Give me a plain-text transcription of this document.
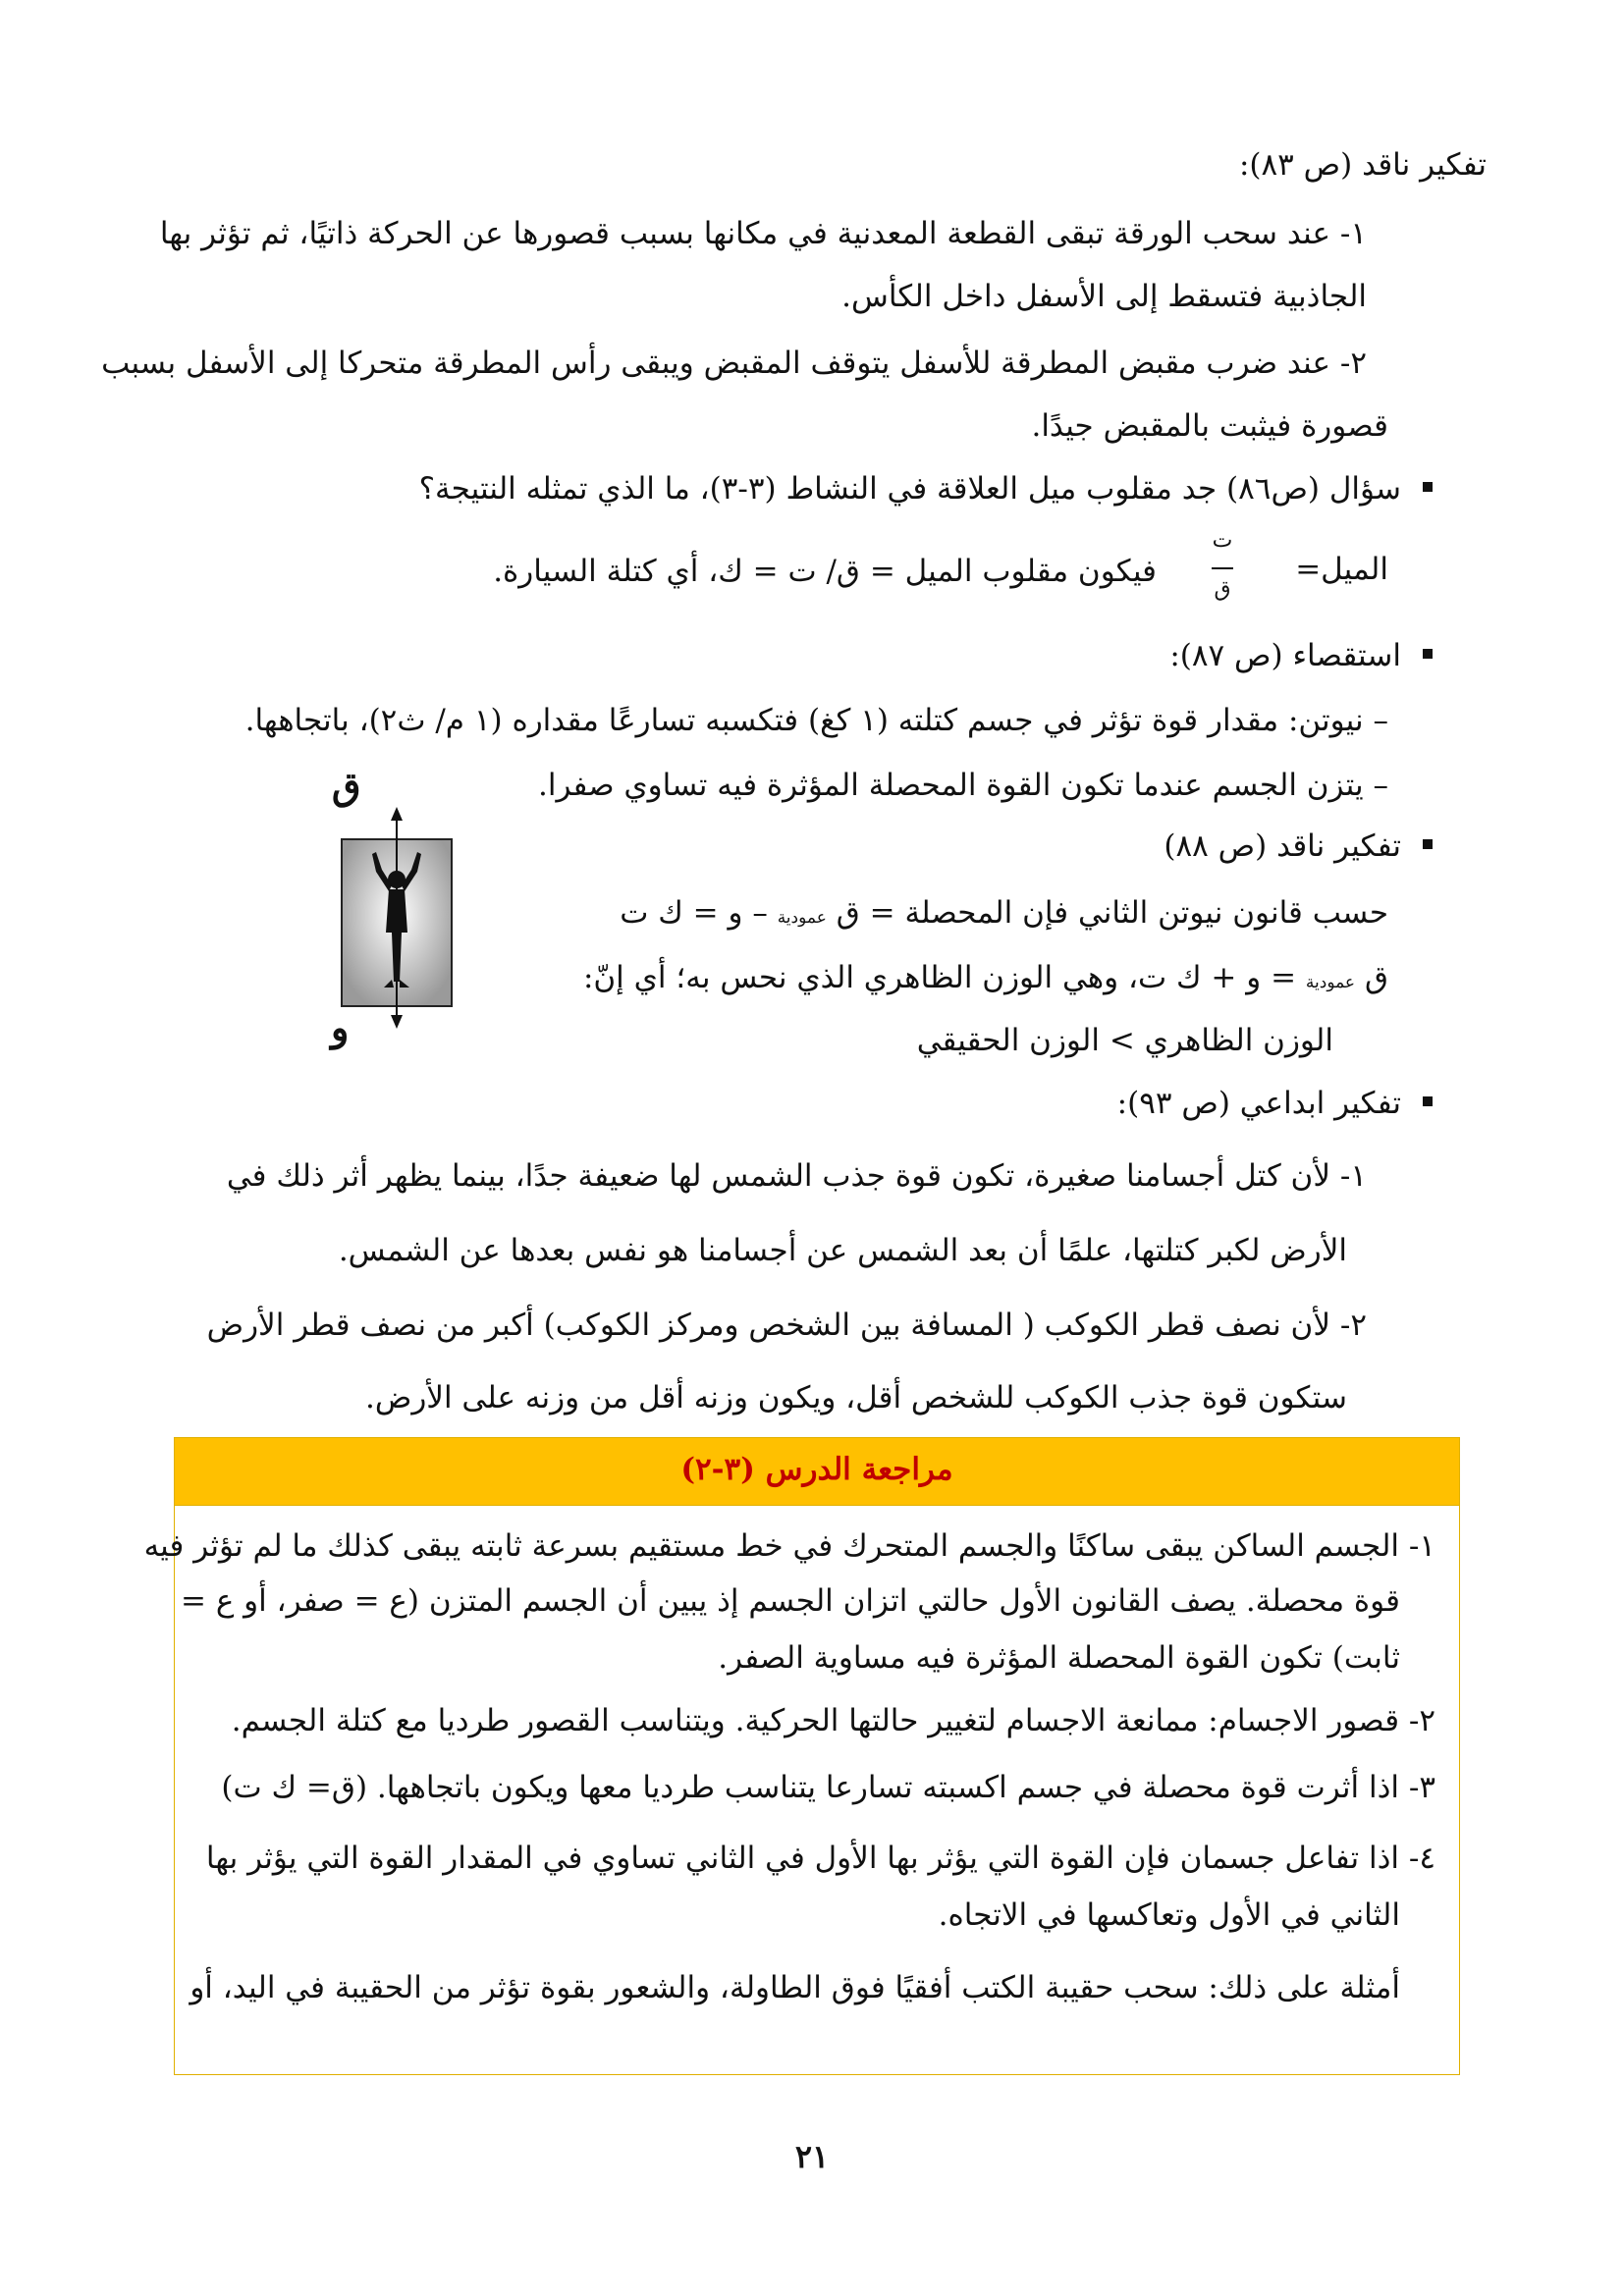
تفكير ناقد (ص ٨٣):
١- عند سحب الورقة تبقى القطعة المعدنية في مكانها بسبب قصورها عن الحركة ذاتيًا، ثم تؤثر بها
الجاذبية فتسقط إلى الأسفل داخل الكأس.
٢- عند ضرب مقبض المطرقة للأسفل يتوقف المقبض ويبقى رأس المطرقة متحركا إلى الأسفل بسبب
قصورة فيثبت بالمقبض جيدًا.
سؤال (ص٨٦) جد مقلوب ميل العلاقة في النشاط (٣-٣)، ما الذي تمثله النتيجة؟
الميل=
ت
ق
فيكون مقلوب الميل = ق/ ت = ك، أي كتلة السيارة.
استقصاء (ص ٨٧):
– نيوتن: مقدار قوة تؤثر في جسم كتلته (١ كغ) فتكسبه تسارعًا مقداره (١ م/ ث٢)، باتجاهها.
– يتزن الجسم عندما تكون القوة المحصلة المؤثرة فيه تساوي صفرا.
تفكير ناقد (ص ٨٨)
حسب قانون نيوتن الثاني فإن المحصلة = ق عمودية – و = ك ت
ق عمودية = و + ك ت، وهي الوزن الظاهري الذي نحس به؛ أي إنّ:
الوزن الظاهري > الوزن الحقيقي
ق
و
تفكير ابداعي (ص ٩٣):
١- لأن كتل أجسامنا صغيرة، تكون قوة جذب الشمس لها ضعيفة جدًا، بينما يظهر أثر ذلك في
الأرض لكبر كتلتها، علمًا أن بعد الشمس عن أجسامنا هو نفس بعدها عن الشمس.
٢- لأن نصف قطر الكوكب ( المسافة بين الشخص ومركز الكوكب) أكبر من نصف قطر الأرض
ستكون قوة جذب الكوكب للشخص أقل، ويكون وزنه أقل من وزنه على الأرض.
مراجعة الدرس (٣-٢)
١- الجسم الساكن يبقى ساكنًا والجسم المتحرك في خط مستقيم بسرعة ثابته يبقى كذلك ما لم تؤثر فيه
قوة محصلة. يصف القانون الأول حالتي اتزان الجسم إذ يبين أن الجسم المتزن (ع = صفر، أو ع =
ثابت) تكون القوة المحصلة المؤثرة فيه مساوية الصفر.
٢- قصور الاجسام: ممانعة الاجسام لتغيير حالتها الحركية. ويتناسب القصور طرديا مع كتلة الجسم.
٣- اذا أثرت قوة محصلة في جسم اكسبته تسارعا يتناسب طرديا معها ويكون باتجاهها. (ق= ك ت)
٤- اذا تفاعل جسمان فإن القوة التي يؤثر بها الأول في الثاني تساوي في المقدار القوة التي يؤثر بها
الثاني في الأول وتعاكسها في الاتجاه.
أمثلة على ذلك: سحب حقيبة الكتب أفقيًا فوق الطاولة، والشعور بقوة تؤثر من الحقيبة في اليد، أو
٢١
